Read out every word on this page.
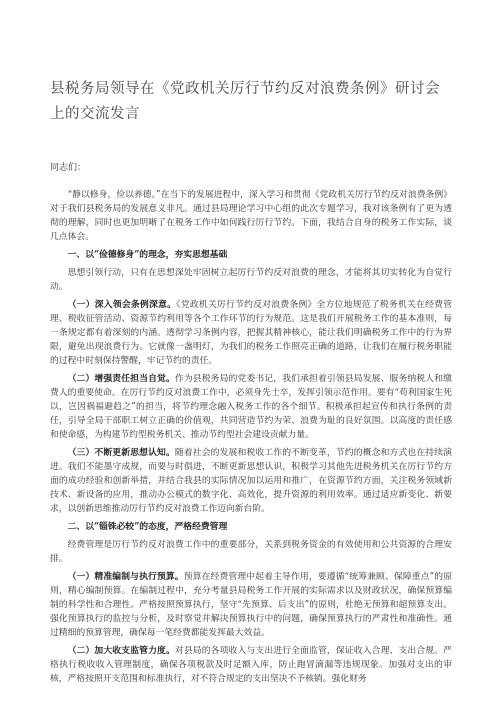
县税务局领导在《党政机关厉行节约反对浪费条例》研讨会上的交流发言
同志们：
“静以修身，俭以养德。”在当下的发展进程中，深入学习和贯彻《党政机关厉行节约反对浪费条例》对于我们县税务局的发展意义非凡。通过县局理论学习中心组的此次专题学习，我对该条例有了更为透彻的理解，同时也更加明晰了在税务工作中如何践行厉行节约。下面，我结合自身的税务工作实际，谈几点体会。
一、以“俭德修身”的理念，夯实思想基础
思想引领行动，只有在思想深处牢固树立起厉行节约反对浪费的理念，才能将其切实转化为自觉行动。
（一）深入领会条例深意。《党政机关厉行节约反对浪费条例》全方位地规范了税务机关在经费管理、税收征管活动、资源节约利用等各个工作环节的行为规范。这是我们开展税务工作的基本准则，每一条规定都有着深刻的内涵。透彻学习条例内容，把握其精神核心，能让我们明确税务工作中的行为界限，避免出现浪费行为。它就像一盏明灯，为我们的税务工作照亮正确的道路，让我们在履行税务职能的过程中时刻保持警醒，牢记节约的责任。
（二）增强责任担当自觉。作为县税务局的党委书记，我们承担着引领县局发展、服务纳税人和缴费人的重要使命。在厉行节约反对浪费工作中，必须身先士卒，发挥引领示范作用。要有“苟利国家生死以，岂因祸福避趋之”的担当，将节约理念融入税务工作的各个细节。积极承担起宣传和执行条例的责任，引导全局干部职工树立正确的价值观，共同营造节约为荣、浪费为耻的良好氛围。以高度的责任感和使命感，为构建节约型税务机关、推动节约型社会建设贡献力量。
（三）不断更新思想认知。随着社会的发展和税收工作的不断变革，节约的概念和方式也在持续演进。我们不能墨守成规，而要与时俱进，不断更新思想认识，积极学习其他先进税务机关在厉行节约方面的成功经验和创新举措，并结合我县的实际情况加以运用和推广，在资源节约方面，关注税务领域新技术、新设备的应用，推动办公模式的数字化、高效化，提升资源的利用效率。通过适应新变化、新要求，以创新思维推动厉行节约反对浪费工作迈向新台阶。
二、以“锱铢必较”的态度，严格经费管理
经费管理是厉行节约反对浪费工作中的重要部分，关系到税务资金的有效使用和公共资源的合理安排。
（一）精准编制与执行预算。预算在经费管理中起着主导作用，要遵循“统筹兼顾、保障重点”的原则，精心编制预算。在编制过程中，充分考量县局税务工作开展的实际需求以及财政状况，确保预算编制的科学性和合理性。严格按照预算执行，坚守“先预算、后支出”的原则，杜绝无预算和超预算支出。强化预算执行的监控与分析，及时察觉并解决预算执行中的问题，确保预算执行的严肃性和准确性。通过精细的预算管理，确保每一笔经费都能发挥最大效益。
（二）加大收支监管力度。对县局的各项收入与支出进行全面监管，保证收入合理、支出合规。严格执行税收收入管理制度，确保各项税款及时足额入库，防止跑冒滴漏等违规现象。加强对支出的审核，严格按照开支范围和标准执行，对不符合规定的支出坚决不予核销。强化财务
